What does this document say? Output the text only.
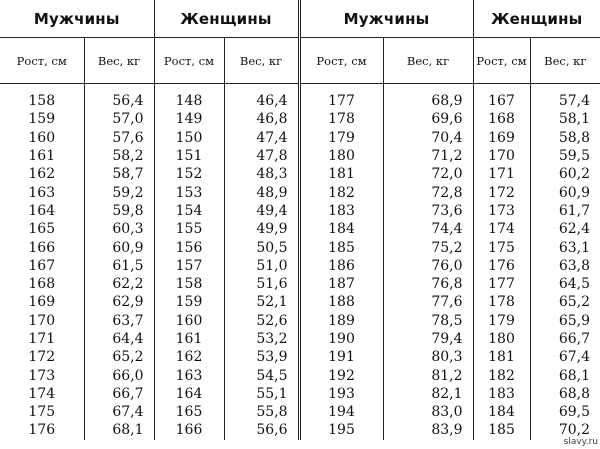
Мужчины		Женщины		Мужчины		Женщины	
Рост, см	Вес, кг	Рост, см	Вес, кг	Рост, см	Вес, кг	Рост, см	Вес, кг

158	56,4	148	46,4	177	68,9	167	57,4
159	57,0	149	46,8	178	69,6	168	58,1
160	57,6	150	47,4	179	70,4	169	58,8
161	58,2	151	47,8	180	71,2	170	59,5
162	58,7	152	48,3	181	72,0	171	60,2
163	59,2	153	48,9	182	72,8	172	60,9
164	59,8	154	49,4	183	73,6	173	61,7
165	60,3	155	49,9	184	74,4	174	62,4
166	60,9	156	50,5	185	75,2	175	63,1
167	61,5	157	51,0	186	76,0	176	63,8
168	62,2	158	51,6	187	76,8	177	64,5
169	62,9	159	52,1	188	77,6	178	65,2
170	63,7	160	52,6	189	78,5	179	65,9
171	64,4	161	53,2	190	79,4	180	66,7
172	65,2	162	53,9	191	80,3	181	67,4
173	66,0	163	54,5	192	81,2	182	68,1
174	66,7	164	55,1	193	82,1	183	68,8
175	67,4	165	55,8	194	83,0	184	69,5
176	68,1	166	56,6	195	83,9	185	70,2
slavy.ru
